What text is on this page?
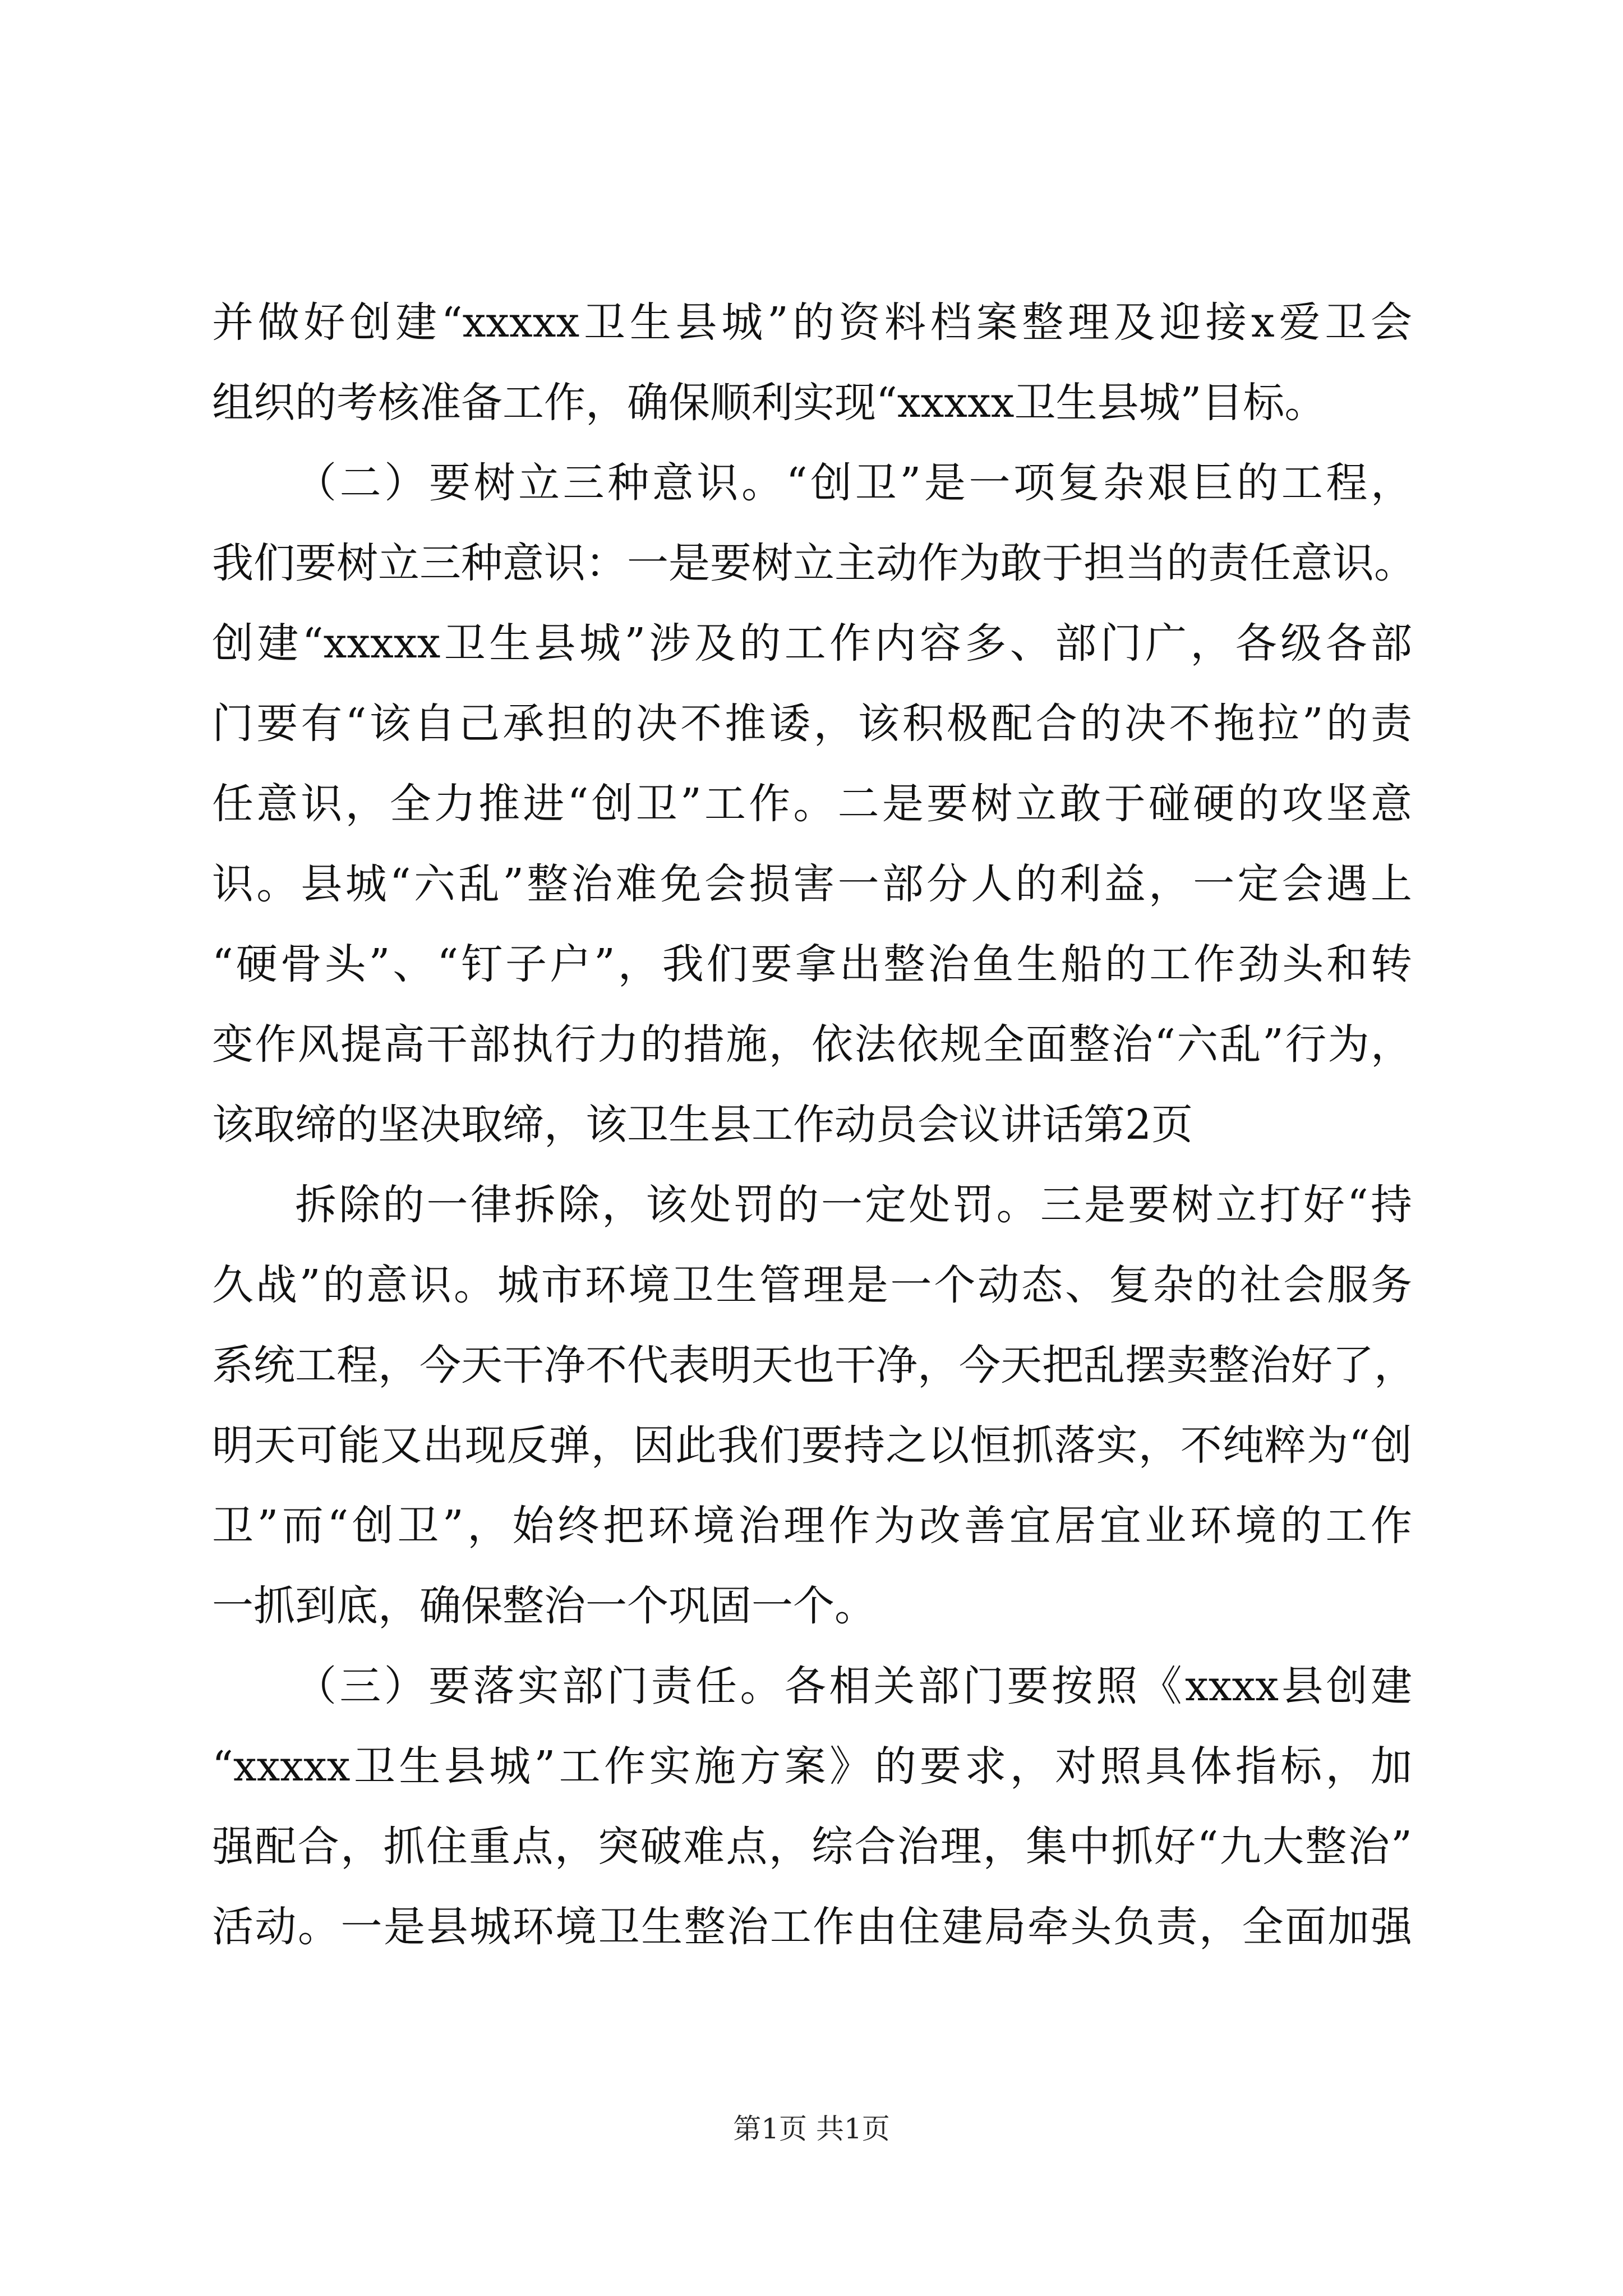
并做好创建“xxxxx卫生县城”的资料档案整理及迎接x爱卫会
组织的考核准备工作，确保顺利实现“xxxxx卫生县城”目标。
（二）要树立三种意识。“创卫”是一项复杂艰巨的工程，
我们要树立三种意识：一是要树立主动作为敢于担当的责任意识。
创建“xxxxx卫生县城”涉及的工作内容多、部门广，各级各部
门要有“该自己承担的决不推诿，该积极配合的决不拖拉”的责
任意识，全力推进“创卫”工作。二是要树立敢于碰硬的攻坚意
识。县城“六乱”整治难免会损害一部分人的利益，一定会遇上
“硬骨头”、“钉子户”，我们要拿出整治鱼生船的工作劲头和转
变作风提高干部执行力的措施，依法依规全面整治“六乱”行为，
该取缔的坚决取缔，该卫生县工作动员会议讲话第2页
拆除的一律拆除，该处罚的一定处罚。三是要树立打好“持
久战”的意识。城市环境卫生管理是一个动态、复杂的社会服务
系统工程，今天干净不代表明天也干净，今天把乱摆卖整治好了，
明天可能又出现反弹，因此我们要持之以恒抓落实，不纯粹为“创
卫”而“创卫”，始终把环境治理作为改善宜居宜业环境的工作
一抓到底，确保整治一个巩固一个。
（三）要落实部门责任。各相关部门要按照《xxxx县创建
“xxxxx卫生县城”工作实施方案》的要求，对照具体指标，加
强配合，抓住重点，突破难点，综合治理，集中抓好“九大整治”
活动。一是县城环境卫生整治工作由住建局牵头负责，全面加强
第1页 共1页
